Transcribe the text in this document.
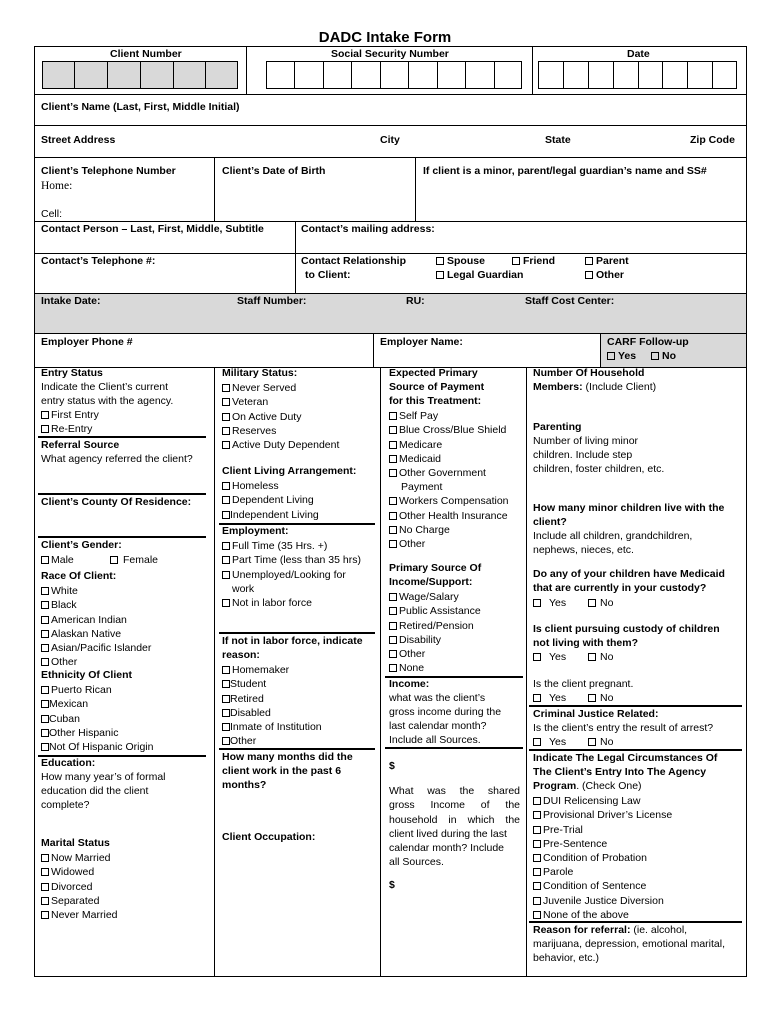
DADC Intake Form
Client Number	Social Security Number	Date
Client’s Name (Last, First, Middle Initial)
Street Address	City	State	Zip Code
Client’s Telephone Number
Home:
Cell:
Client’s Date of Birth	If client is a minor, parent/legal guardian’s name and SS#
Contact Person – Last, First, Middle, Subtitle	Contact’s mailing address:
Contact’s Telephone #:	Contact Relationship
to Client:
Spouse	Friend	Parent
Legal Guardian	Other
Intake Date:	Staff Number:	RU:	Staff Cost Center:
Employer Phone #	Employer Name:	CARF Follow-up
Yes No
Entry Status
Indicate the Client’s current
entry status with the agency.
First Entry
Re-Entry
Referral Source
What agency referred the client?
Client’s County Of Residence:
Client’s Gender:
Male	Female
Race Of Client:
White
Black
American Indian
Alaskan Native
Asian/Pacific Islander
Other
Ethnicity Of Client
Puerto Rican
Mexican
Cuban
Other Hispanic
Not Of Hispanic Origin
Education:
How many year’s of formal
education did the client
complete?
Marital Status
Now Married
Widowed
Divorced
Separated
Never Married
Military Status:
Never Served
Veteran
On Active Duty
Reserves
Active Duty Dependent
Client Living Arrangement:
Homeless
Dependent Living
Independent Living
Employment:
Full Time (35 Hrs. +)
Part Time (less than 35 hrs)
Unemployed/Looking for
work
Not in labor force
If not in labor force, indicate
reason:
Homemaker
Student
Retired
Disabled
Inmate of Institution
Other
How many months did the
client work in the past 6
months?
Client Occupation:
Expected Primary
Source of Payment
for this Treatment:
Self Pay
Blue Cross/Blue Shield
Medicare
Medicaid
Other Government
Payment
Workers Compensation
Other Health Insurance
No Charge
Other
Primary Source Of
Income/Support:
Wage/Salary
Public Assistance
Retired/Pension
Disability
Other
None
Income:
what was the client’s
gross income during the
last calendar month?
Include all Sources.
$
What was the shared
gross Income of the
household in which the
client lived during the last
calendar month? Include
all Sources.
$
Number Of Household
Members: (Include Client)
Parenting
Number of living minor
children. Include step
children, foster children, etc.
How many minor children live with the
client?
Include all children, grandchildren,
nephews, nieces, etc.
Do any of your children have Medicaid
that are currently in your custody?
Yes	No
Is client pursuing custody of children
not living with them?
Yes	No
Is the client pregnant.
Yes	No
Criminal Justice Related:
Is the client’s entry the result of arrest?
Yes	No
Indicate The Legal Circumstances Of
The Client’s Entry Into The Agency
Program. (Check One)
DUI Relicensing Law
Provisional Driver’s License
Pre-Trial
Pre-Sentence
Condition of Probation
Parole
Condition of Sentence
Juvenile Justice Diversion
None of the above
Reason for referral: (ie. alcohol,
marijuana, depression, emotional marital,
behavior, etc.)
